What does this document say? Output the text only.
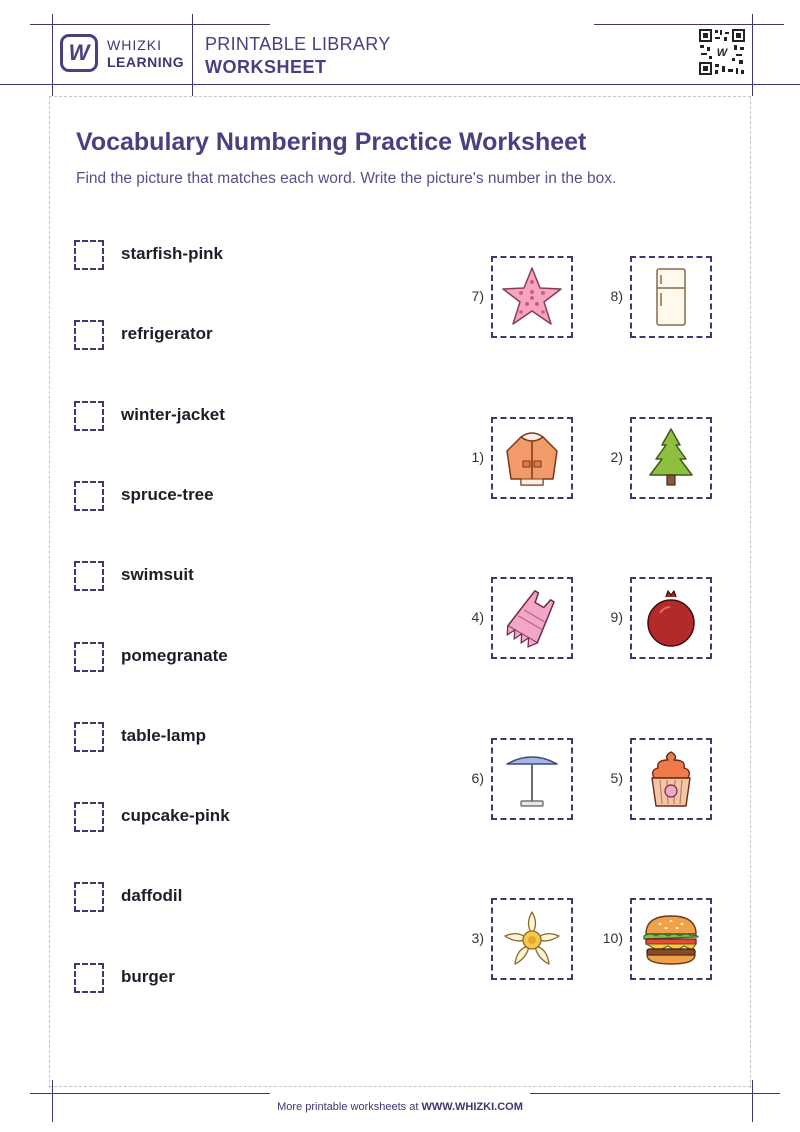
W WHIZKI
LEARNING
PRINTABLE LIBRARY
WORKSHEET
W
Vocabulary Numbering Practice Worksheet
Find the picture that matches each word. Write the picture's number in the box.
starfish-pink
refrigerator
winter-jacket
spruce-tree
swimsuit
pomegranate
table-lamp
cupcake-pink
daffodil
burger
7)	8)
1)	2)
4)	9)
6)	5)
3)	10)
More printable worksheets at WWW.WHIZKI.COM
